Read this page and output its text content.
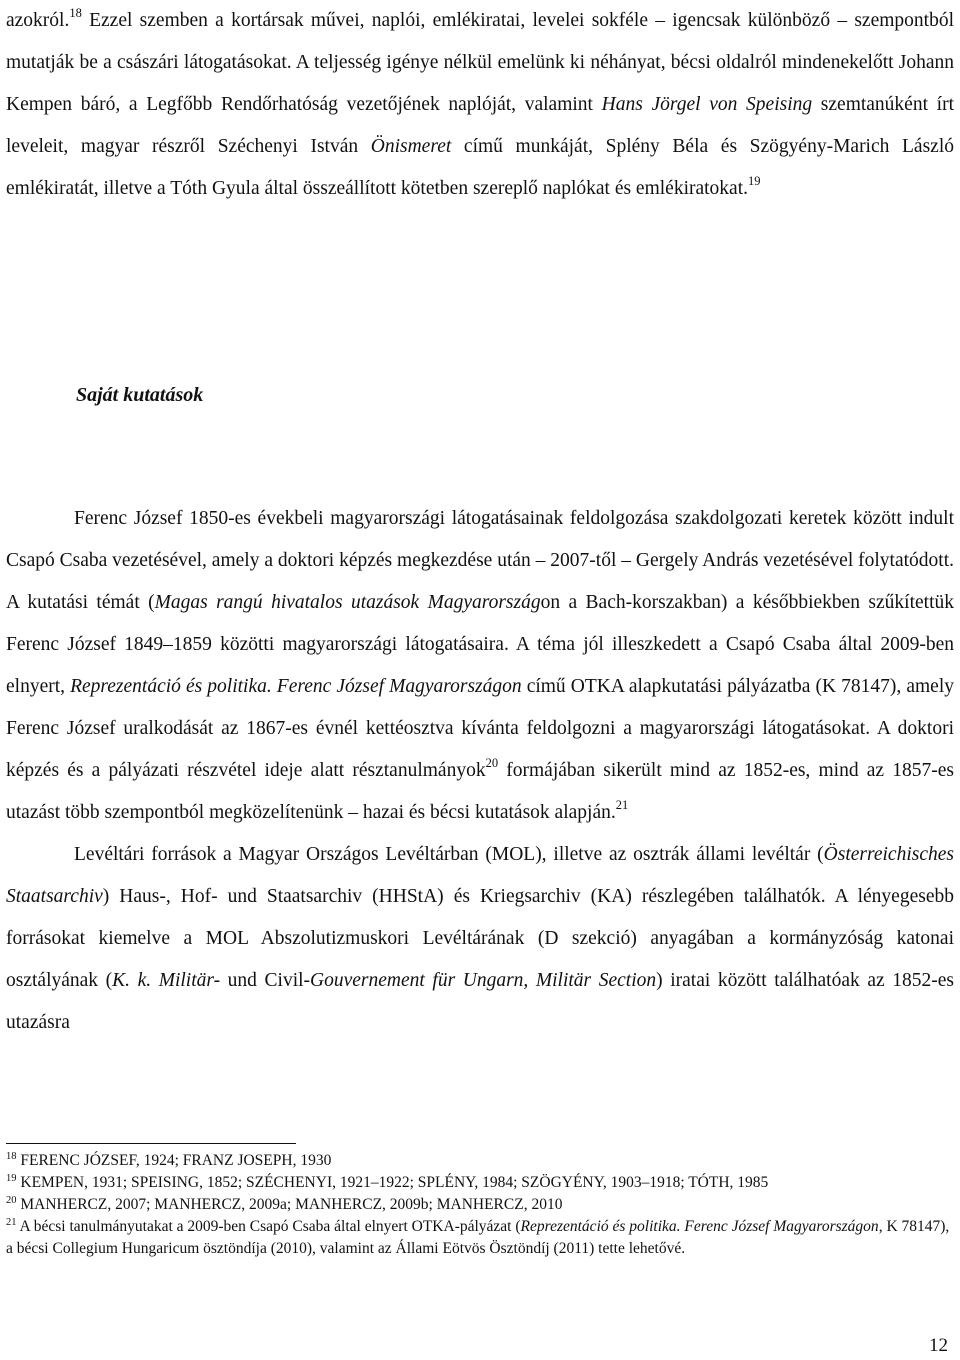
azokról.$^{18}$ Ezzel szemben a kortársak művei, naplói, emlékiratai, levelei sokféle – igencsak különböző – szempontból mutatják be a császári látogatásokat. A teljesség igénye nélkül emelünk ki néhányat, bécsi oldalról mindenekelőtt Johann Kempen báró, a Legfőbb Rendőrhatóság vezetőjének naplóját, valamint Hans Jörgel von Speising szemtanúként írt leveleit, magyar részről Széchenyi István Önismeret című munkáját, Splény Béla és Szögyény-Marich László emlékiratát, illetve a Tóth Gyula által összeállított kötetben szereplő naplókat és emlékiratokat.$^{19}$

Saját kutatások

Ferenc József 1850-es évekbeli magyarországi látogatásainak feldolgozása szakdolgozati keretek között indult Csapó Csaba vezetésével, amely a doktori képzés megkezdése után – 2007-től – Gergely András vezetésével folytatódott. A kutatási témát (Magas rangú hivatalos utazások Magyarországon a Bach-korszakban) a későbbiekben szűkítettük Ferenc József 1849–1859 közötti magyarországi látogatásaira. A téma jól illeszkedett a Csapó Csaba által 2009-ben elnyert, Reprezentáció és politika. Ferenc József Magyarországon című OTKA alapkutatási pályázatba (K 78147), amely Ferenc József uralkodását az 1867-es évnél kettéosztva kívánta feldolgozni a magyarországi látogatásokat. A doktori képzés és a pályázati részvétel ideje alatt résztanulmányok$^{20}$ formájában sikerült mind az 1852-es, mind az 1857-es utazást több szempontból megközelítenünk – hazai és bécsi kutatások alapján.$^{21}$

Levéltári források a Magyar Országos Levéltárban (MOL), illetve az osztrák állami levéltár (Österreichisches Staatsarchiv) Haus-, Hof- und Staatsarchiv (HHStA) és Kriegsarchiv (KA) részlegében találhatók. A lényegesebb forrásokat kiemelve a MOL Abszolutizmuskori Levéltárának (D szekció) anyagában a kormányzóság katonai osztályának (K. k. Militär- und Civil-Gouvernement für Ungarn, Militär Section) iratai között találhatóak az 1852-es utazásra

$^{18}$ FERENC JÓZSEF, 1924; FRANZ JOSEPH, 1930

$^{19}$ KEMPEN, 1931; SPEISING, 1852; SZÉCHENYI, 1921–1922; SPLÉNY, 1984; SZÖGYÉNY, 1903–1918; TÓTH, 1985

$^{20}$ MANHERCZ, 2007; MANHERCZ, 2009a; MANHERCZ, 2009b; MANHERCZ, 2010

$^{21}$ A bécsi tanulmányutakat a 2009-ben Csapó Csaba által elnyert OTKA-pályázat (Reprezentáció és politika. Ferenc József Magyarországon, K 78147), a bécsi Collegium Hungaricum ösztöndíja (2010), valamint az Állami Eötvös Ösztöndíj (2011) tette lehetővé.

12
